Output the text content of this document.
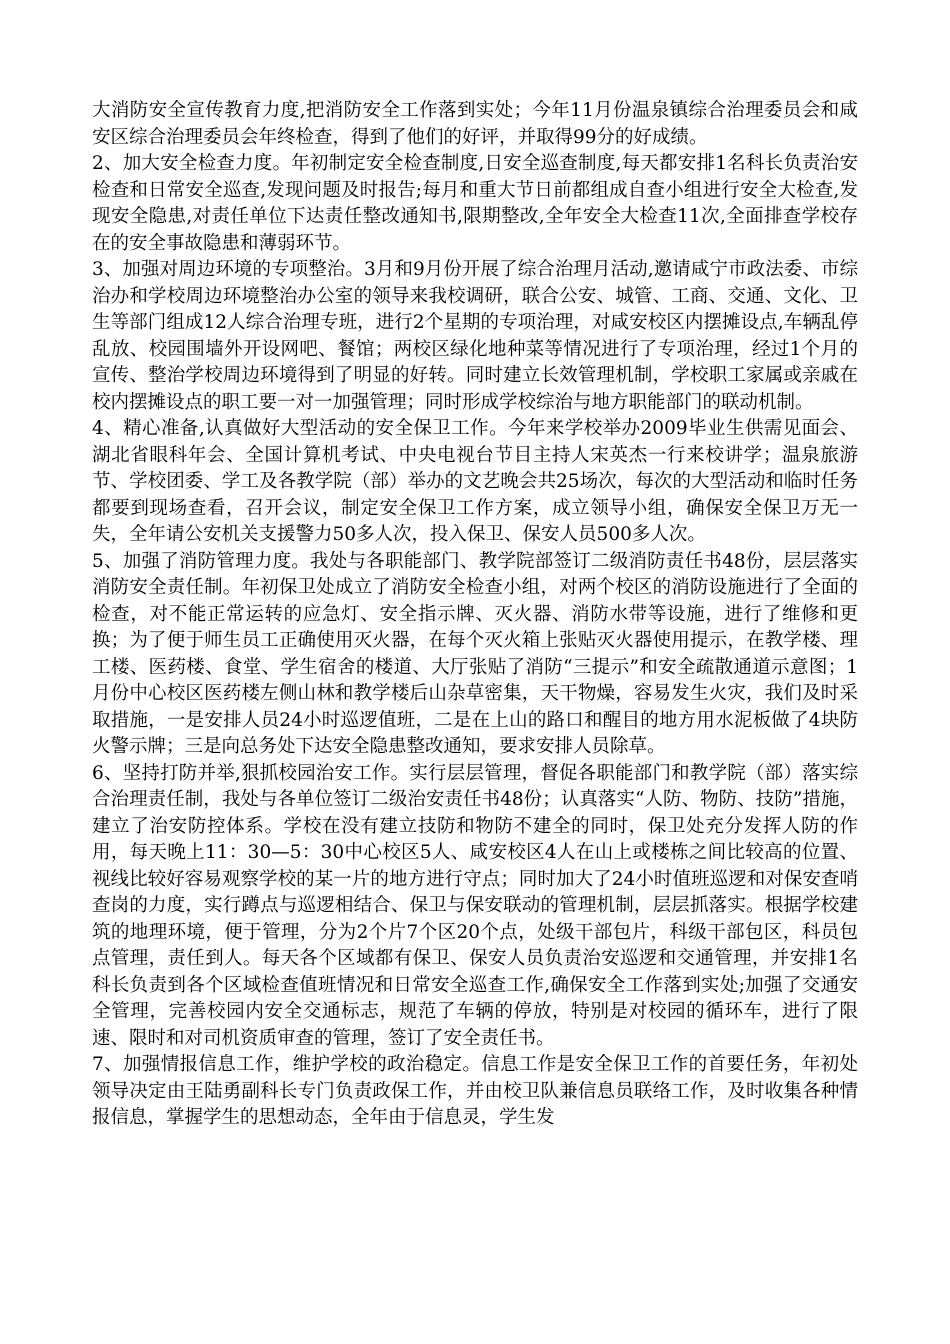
大消防安全宣传教育力度,把消防安全工作落到实处；今年11月份温泉镇综合治理委员会和咸安区综合治理委员会年终检查，得到了他们的好评，并取得99分的好成绩。

2、加大安全检查力度。年初制定安全检查制度,日安全巡查制度,每天都安排1名科长负责治安检查和日常安全巡查,发现问题及时报告;每月和重大节日前都组成自查小组进行安全大检查,发现安全隐患,对责任单位下达责任整改通知书,限期整改,全年安全大检查11次,全面排查学校存在的安全事故隐患和薄弱环节。

3、加强对周边环境的专项整治。3月和9月份开展了综合治理月活动,邀请咸宁市政法委、市综治办和学校周边环境整治办公室的领导来我校调研，联合公安、城管、工商、交通、文化、卫生等部门组成12人综合治理专班，进行2个星期的专项治理，对咸安校区内摆摊设点,车辆乱停乱放、校园围墙外开设网吧、餐馆；两校区绿化地种菜等情况进行了专项治理，经过1个月的宣传、整治学校周边环境得到了明显的好转。同时建立长效管理机制，学校职工家属或亲戚在校内摆摊设点的职工要一对一加强管理；同时形成学校综治与地方职能部门的联动机制。

4、精心准备,认真做好大型活动的安全保卫工作。今年来学校举办2009毕业生供需见面会、湖北省眼科年会、全国计算机考试、中央电视台节目主持人宋英杰一行来校讲学；温泉旅游节、学校团委、学工及各教学院（部）举办的文艺晚会共25场次，每次的大型活动和临时任务都要到现场查看，召开会议，制定安全保卫工作方案，成立领导小组，确保安全保卫万无一失，全年请公安机关支援警力50多人次，投入保卫、保安人员500多人次。

5、加强了消防管理力度。我处与各职能部门、教学院部签订二级消防责任书48份，层层落实消防安全责任制。年初保卫处成立了消防安全检查小组，对两个校区的消防设施进行了全面的检查，对不能正常运转的应急灯、安全指示牌、灭火器、消防水带等设施，进行了维修和更换；为了便于师生员工正确使用灭火器，在每个灭火箱上张贴灭火器使用提示，在教学楼、理工楼、医药楼、食堂、学生宿舍的楼道、大厅张贴了消防“三提示”和安全疏散通道示意图；1月份中心校区医药楼左侧山林和教学楼后山杂草密集，天干物燥，容易发生火灾，我们及时采取措施，一是安排人员24小时巡逻值班，二是在上山的路口和醒目的地方用水泥板做了4块防火警示牌；三是向总务处下达安全隐患整改通知，要求安排人员除草。

6、坚持打防并举,狠抓校园治安工作。实行层层管理，督促各职能部门和教学院（部）落实综合治理责任制，我处与各单位签订二级治安责任书48份；认真落实“人防、物防、技防”措施，建立了治安防控体系。学校在没有建立技防和物防不建全的同时，保卫处充分发挥人防的作用，每天晚上11：30—5：30中心校区5人、咸安校区4人在山上或楼栋之间比较高的位置、视线比较好容易观察学校的某一片的地方进行守点；同时加大了24小时值班巡逻和对保安查哨查岗的力度，实行蹲点与巡逻相结合、保卫与保安联动的管理机制，层层抓落实。根据学校建筑的地理环境，便于管理，分为2个片7个区20个点，处级干部包片，科级干部包区，科员包点管理，责任到人。每天各个区域都有保卫、保安人员负责治安巡逻和交通管理，并安排1名科长负责到各个区域检查值班情况和日常安全巡查工作,确保安全工作落到实处;加强了交通安全管理，完善校园内安全交通标志，规范了车辆的停放，特别是对校园的循环车，进行了限速、限时和对司机资质审查的管理，签订了安全责任书。

7、加强情报信息工作，维护学校的政治稳定。信息工作是安全保卫工作的首要任务，年初处领导决定由王陆勇副科长专门负责政保工作，并由校卫队兼信息员联络工作，及时收集各种情报信息，掌握学生的思想动态，全年由于信息灵，学生发
